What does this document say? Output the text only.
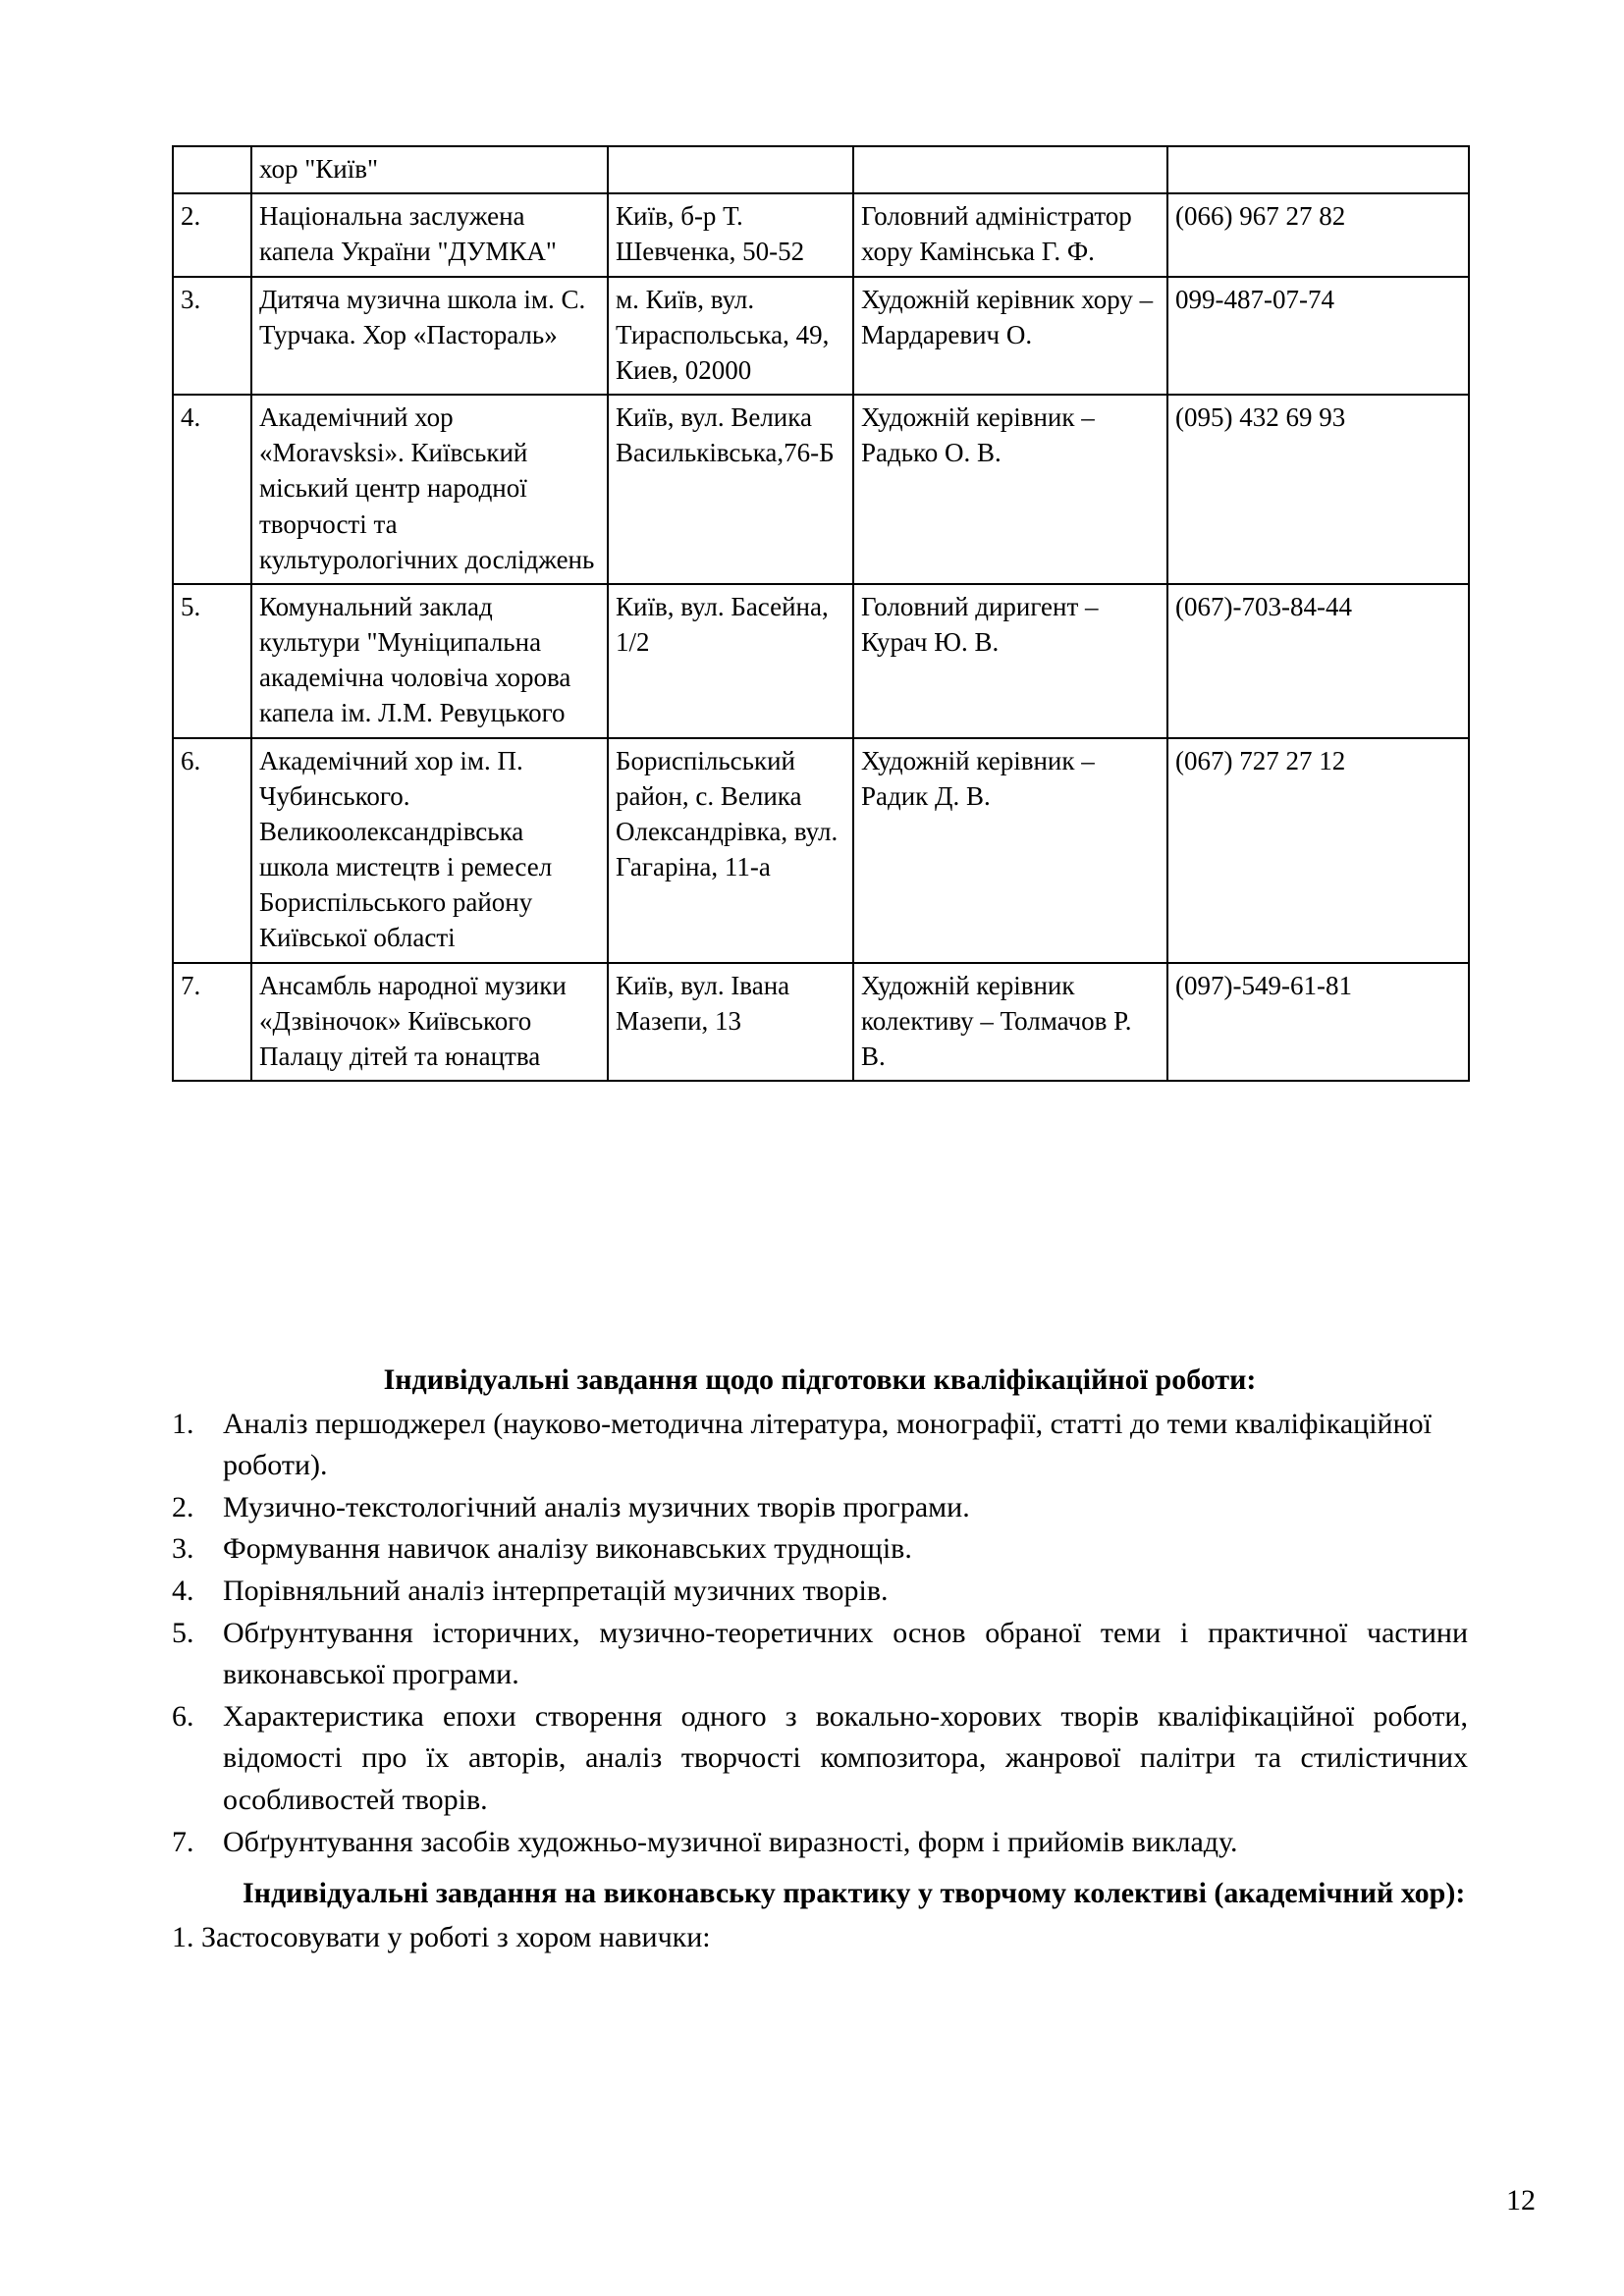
	хор "Київ"			
2.	Національна заслужена капела України "ДУМКА"	Київ, б-р Т. Шевченка, 50-52	Головний адміністратор хору Камінська Г. Ф.	(066) 967 27 82
3.	Дитяча музична школа ім. С. Турчака. Хор «Пастораль»	м. Київ, вул. Тираспольська, 49, Киев, 02000	Художній керівник хору – Мардаревич О.	099-487-07-74
4.	Академічний хор «Moravsksi». Київський міський центр народної творчості та культурологічних досліджень	Київ, вул. Велика Васильківська,76-Б	Художній керівник – Радько О. В.	(095) 432 69 93
5.	Комунальний заклад культури "Муніципальна академічна чоловіча хорова капела ім. Л.М. Ревуцького	Київ, вул. Басейна, 1/2	Головний диригент – Курач Ю. В.	(067)-703-84-44
6.	Академічний хор ім. П. Чубинського. Великоолександрівська школа мистецтв і ремесел Бориспільського району Київської області	Бориспільський район, с. Велика Олександрівка, вул. Гагаріна, 11-а	Художній керівник – Радик Д. В.	(067) 727 27 12
7.	Ансамбль народної музики «Дзвіночок» Київського Палацу дітей та юнацтва	Київ, вул. Івана Мазепи, 13	Художній керівник колективу – Толмачов Р. В.	(097)-549-61-81

Індивідуальні завдання щодо підготовки кваліфікаційної роботи:

1. Аналіз першоджерел (науково-методична література, монографії, статті до теми кваліфікаційної роботи).
2. Музично-текстологічний аналіз музичних творів програми.
3. Формування навичок аналізу виконавських труднощів.
4. Порівняльний аналіз інтерпретацій музичних творів.
5. Обґрунтування історичних, музично-теоретичних основ обраної теми і практичної частини виконавської програми.
6. Характеристика епохи створення одного з вокально-хорових творів кваліфікаційної роботи, відомості про їх авторів, аналіз творчості композитора, жанрової палітри та стилістичних особливостей творів.
7. Обґрунтування засобів художньо-музичної виразності, форм і прийомів викладу.

Індивідуальні завдання на виконавську практику у творчому колективі (академічний хор):

1. Застосовувати у роботі з хором навички:

12
